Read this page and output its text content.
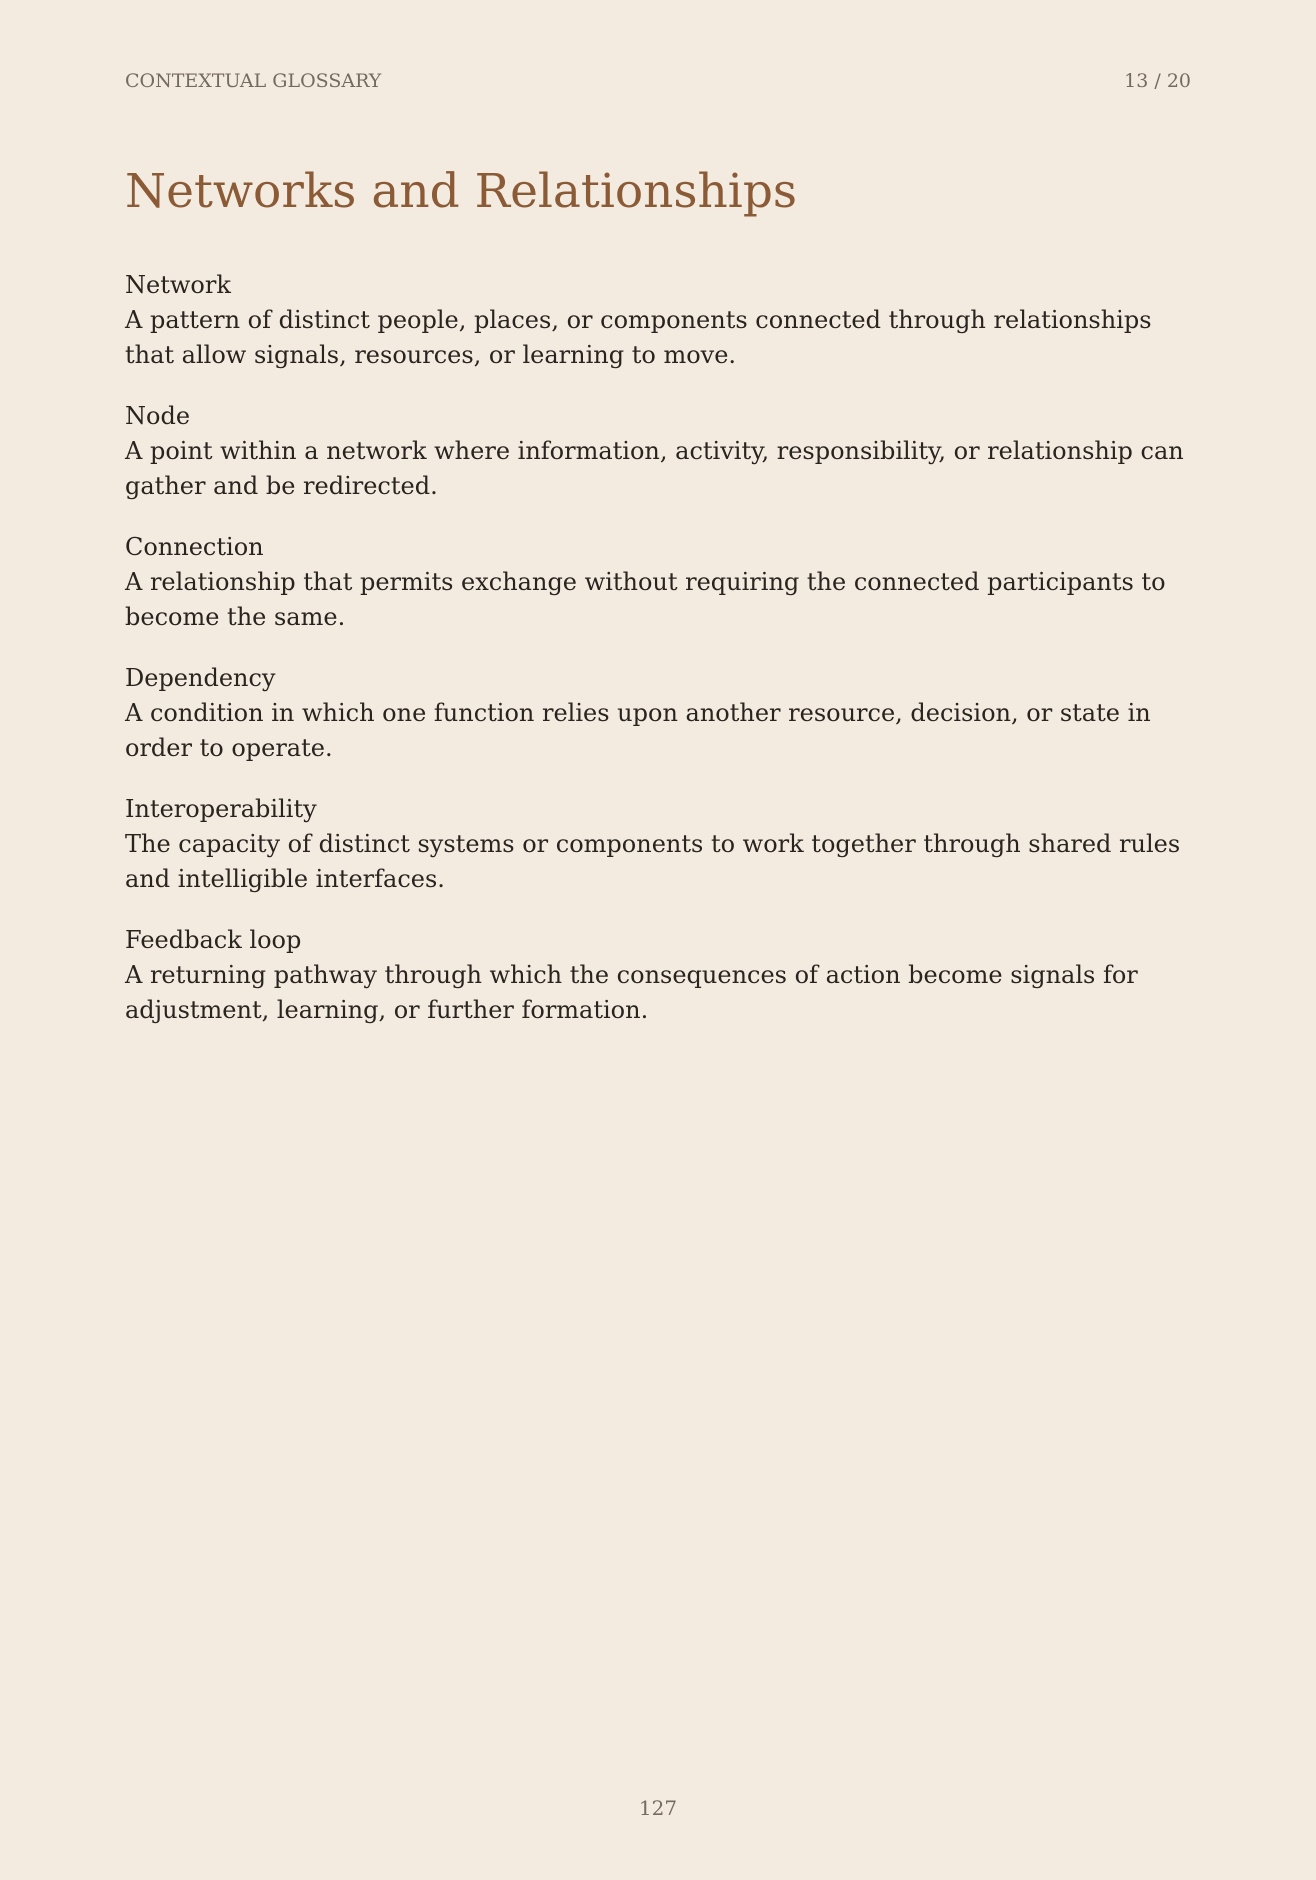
CONTEXTUAL GLOSSARY	13 / 20
Networks and Relationships
Network
A pattern of distinct people, places, or components connected through relationships that allow signals, resources, or learning to move.
Node
A point within a network where information, activity, responsibility, or relationship can gather and be redirected.
Connection
A relationship that permits exchange without requiring the connected participants to become the same.
Dependency
A condition in which one function relies upon another resource, decision, or state in order to operate.
Interoperability
The capacity of distinct systems or components to work together through shared rules and intelligible interfaces.
Feedback loop
A returning pathway through which the consequences of action become signals for adjustment, learning, or further formation.
127
